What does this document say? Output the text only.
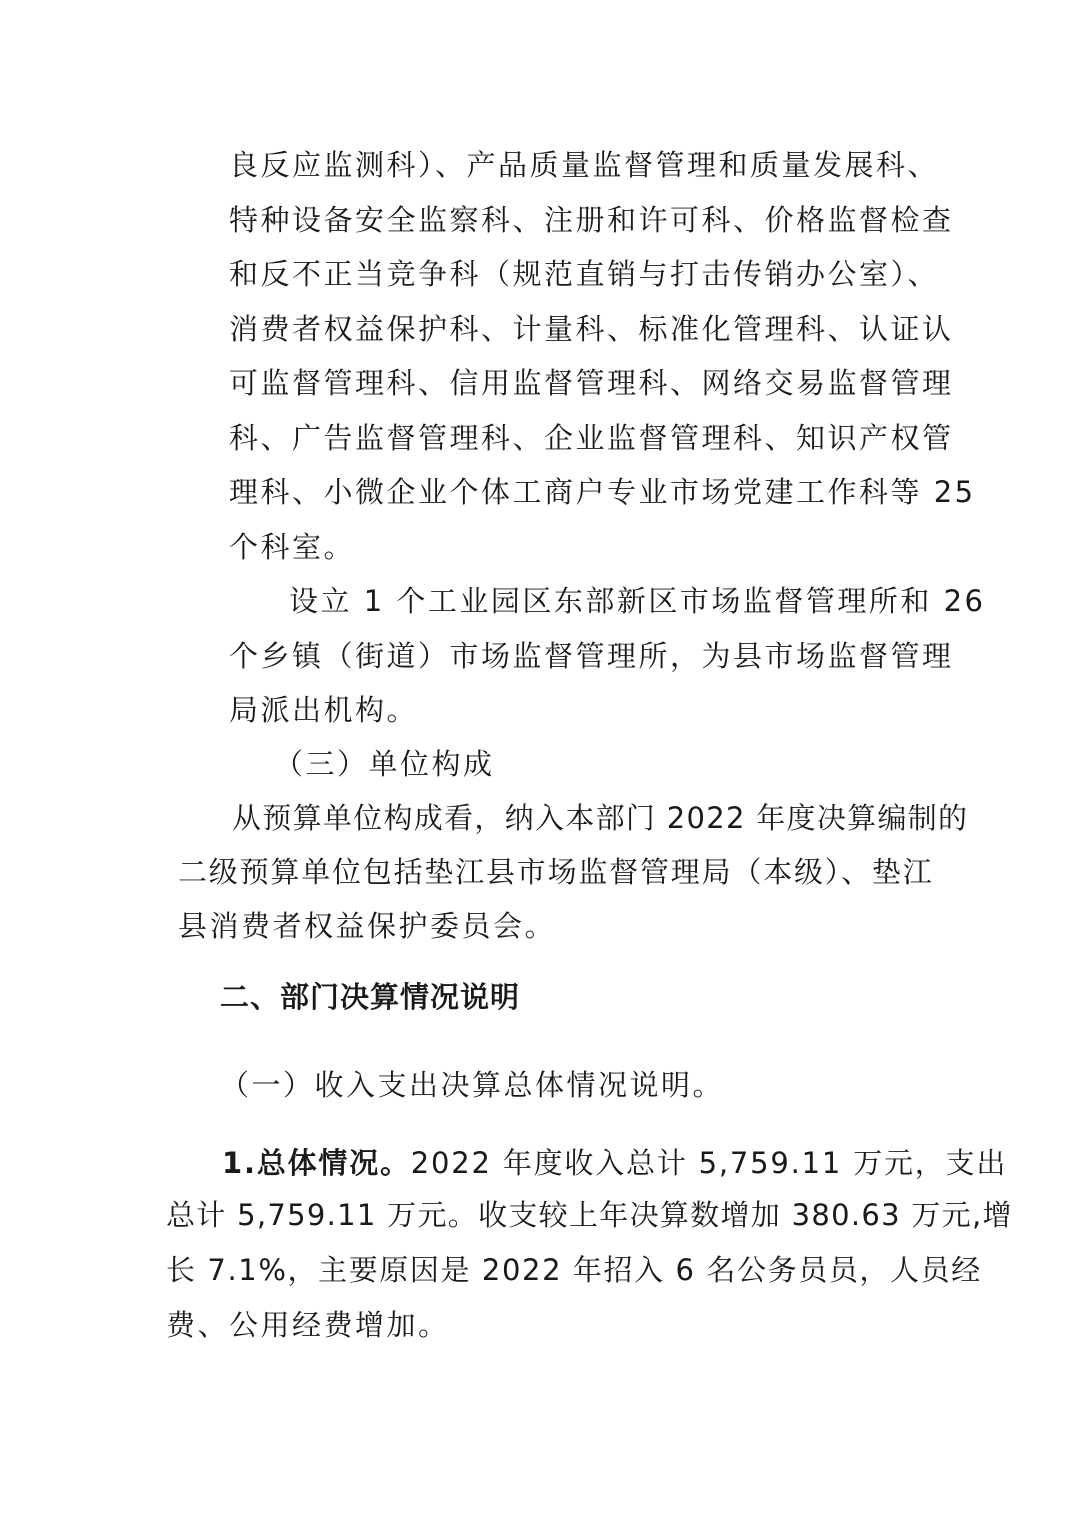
良反应监测科）、产品质量监督管理和质量发展科、
特种设备安全监察科、注册和许可科、价格监督检查
和反不正当竞争科（规范直销与打击传销办公室）、
消费者权益保护科、计量科、标准化管理科、认证认
可监督管理科、信用监督管理科、网络交易监督管理
科、广告监督管理科、企业监督管理科、知识产权管
理科、小微企业个体工商户专业市场党建工作科等 25
个科室。
设立 1 个工业园区东部新区市场监督管理所和 26
个乡镇（街道）市场监督管理所，为县市场监督管理
局派出机构。
（三）单位构成
从预算单位构成看，纳入本部门 2022 年度决算编制的
二级预算单位包括垫江县市场监督管理局（本级）、垫江
县消费者权益保护委员会。
二、部门决算情况说明
（一）收入支出决算总体情况说明。
1.总体情况。2022 年度收入总计 5,759.11 万元，支出
总计 5,759.11 万元。收支较上年决算数增加 380.63 万元,增
长 7.1%，主要原因是 2022 年招入 6 名公务员员，人员经
费、公用经费增加。
